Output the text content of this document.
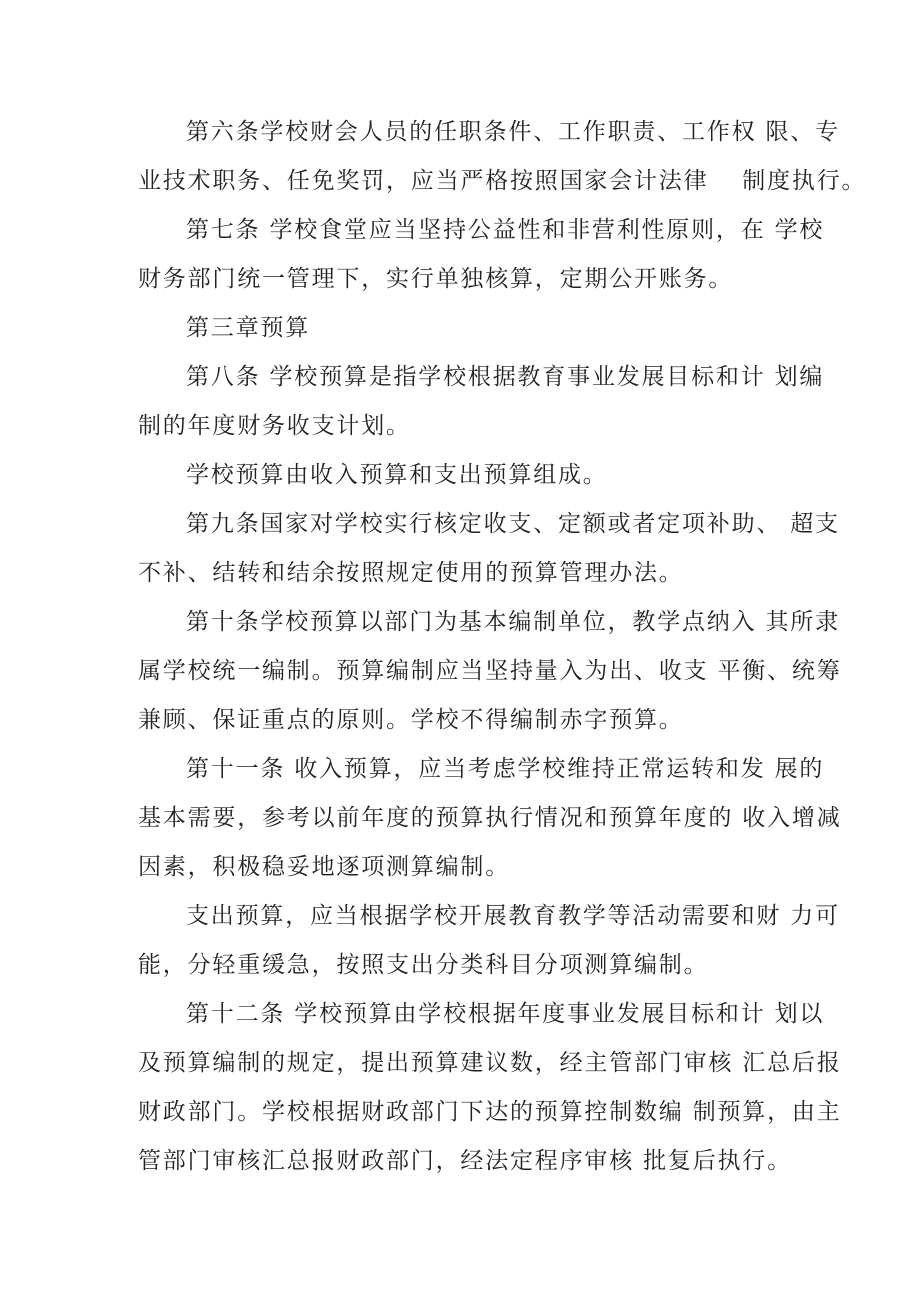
第六条学校财会人员的任职条件、工作职责、工作权 限、专
业技术职务、任免奖罚，应当严格按照国家会计法律　 制度执行。
第七条 学校食堂应当坚持公益性和非营利性原则，在 学校
财务部门统一管理下，实行单独核算，定期公开账务。
第三章预算
第八条 学校预算是指学校根据教育事业发展目标和计 划编
制的年度财务收支计划。
学校预算由收入预算和支出预算组成。
第九条国家对学校实行核定收支、定额或者定项补助、 超支
不补、结转和结余按照规定使用的预算管理办法。
第十条学校预算以部门为基本编制单位，教学点纳入 其所隶
属学校统一编制。预算编制应当坚持量入为出、收支 平衡、统筹
兼顾、保证重点的原则。学校不得编制赤字预算。
第十一条 收入预算，应当考虑学校维持正常运转和发 展的
基本需要，参考以前年度的预算执行情况和预算年度的 收入增减
因素，积极稳妥地逐项测算编制。
支出预算，应当根据学校开展教育教学等活动需要和财 力可
能，分轻重缓急，按照支出分类科目分项测算编制。
第十二条 学校预算由学校根据年度事业发展目标和计 划以
及预算编制的规定，提出预算建议数，经主管部门审核 汇总后报
财政部门。学校根据财政部门下达的预算控制数编 制预算，由主
管部门审核汇总报财政部门，经法定程序审核 批复后执行。
